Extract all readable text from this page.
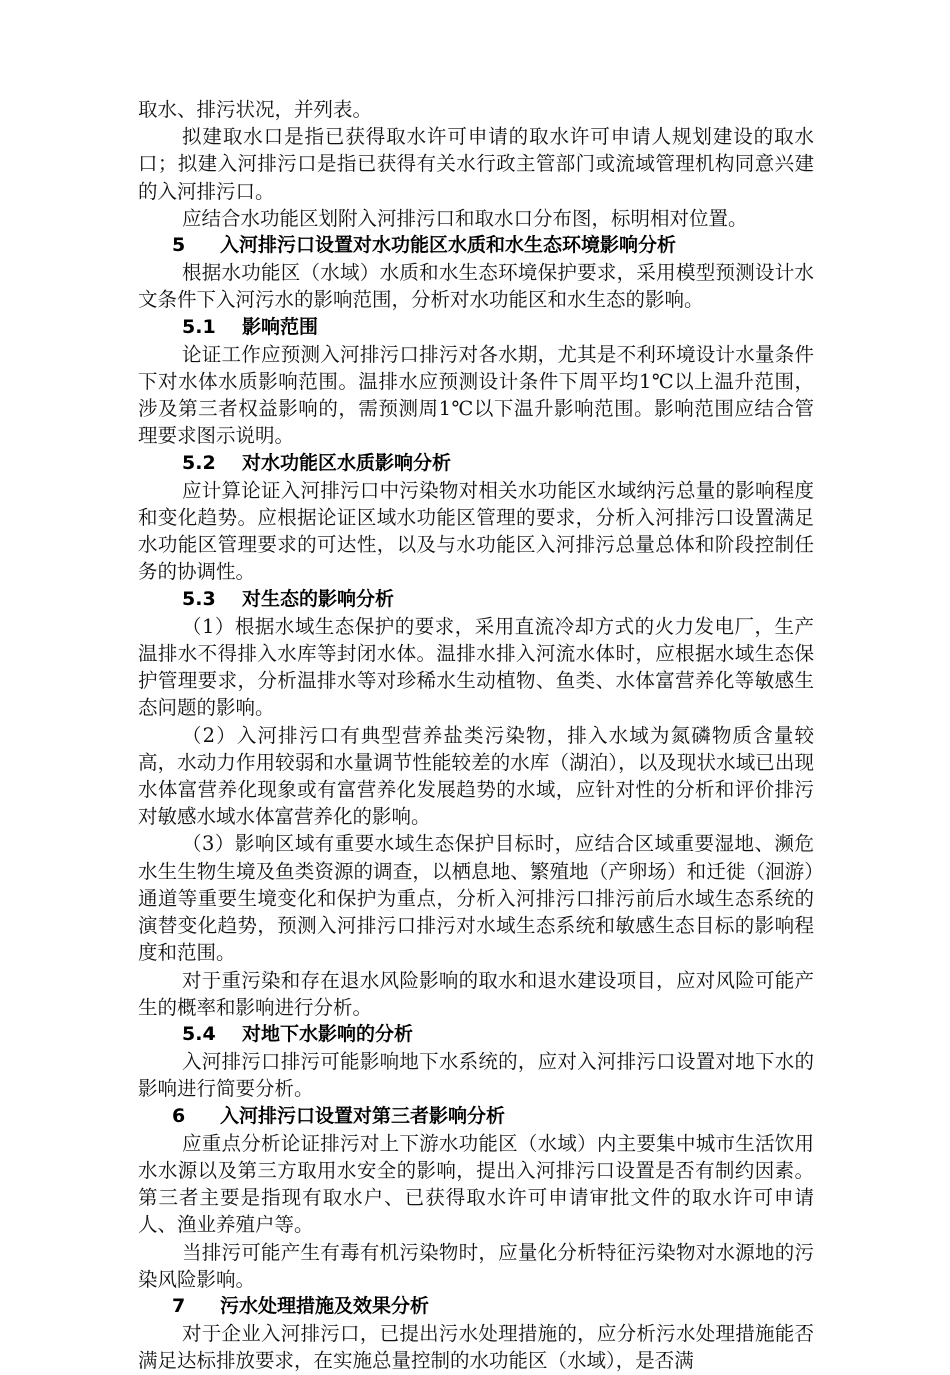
取水、排污状况，并列表。

拟建取水口是指已获得取水许可申请的取水许可申请人规划建设的取水口；拟建入河排污口是指已获得有关水行政主管部门或流域管理机构同意兴建的入河排污口。

应结合水功能区划附入河排污口和取水口分布图，标明相对位置。

5 入河排污口设置对水功能区水质和水生态环境影响分析

根据水功能区（水域）水质和水生态环境保护要求，采用模型预测设计水文条件下入河污水的影响范围，分析对水功能区和水生态的影响。

5.1 影响范围

论证工作应预测入河排污口排污对各水期，尤其是不利环境设计水量条件下对水体水质影响范围。温排水应预测设计条件下周平均1℃以上温升范围，涉及第三者权益影响的，需预测周1℃以下温升影响范围。影响范围应结合管理要求图示说明。

5.2 对水功能区水质影响分析

应计算论证入河排污口中污染物对相关水功能区水域纳污总量的影响程度和变化趋势。应根据论证区域水功能区管理的要求，分析入河排污口设置满足水功能区管理要求的可达性，以及与水功能区入河排污总量总体和阶段控制任务的协调性。

5.3 对生态的影响分析

（1）根据水域生态保护的要求，采用直流冷却方式的火力发电厂，生产温排水不得排入水库等封闭水体。温排水排入河流水体时，应根据水域生态保护管理要求，分析温排水等对珍稀水生动植物、鱼类、水体富营养化等敏感生态问题的影响。

（2）入河排污口有典型营养盐类污染物，排入水域为氮磷物质含量较高，水动力作用较弱和水量调节性能较差的水库（湖泊），以及现状水域已出现水体富营养化现象或有富营养化发展趋势的水域，应针对性的分析和评价排污对敏感水域水体富营养化的影响。

（3）影响区域有重要水域生态保护目标时，应结合区域重要湿地、濒危水生生物生境及鱼类资源的调查，以栖息地、繁殖地（产卵场）和迁徙（洄游）通道等重要生境变化和保护为重点，分析入河排污口排污前后水域生态系统的演替变化趋势，预测入河排污口排污对水域生态系统和敏感生态目标的影响程度和范围。

对于重污染和存在退水风险影响的取水和退水建设项目，应对风险可能产生的概率和影响进行分析。

5.4 对地下水影响的分析

入河排污口排污可能影响地下水系统的，应对入河排污口设置对地下水的影响进行简要分析。

6 入河排污口设置对第三者影响分析

应重点分析论证排污对上下游水功能区（水域）内主要集中城市生活饮用水水源以及第三方取用水安全的影响，提出入河排污口设置是否有制约因素。第三者主要是指现有取水户、已获得取水许可申请审批文件的取水许可申请人、渔业养殖户等。

当排污可能产生有毒有机污染物时，应量化分析特征污染物对水源地的污染风险影响。

7 污水处理措施及效果分析

对于企业入河排污口，已提出污水处理措施的，应分析污水处理措施能否满足达标排放要求，在实施总量控制的水功能区（水域），是否满
